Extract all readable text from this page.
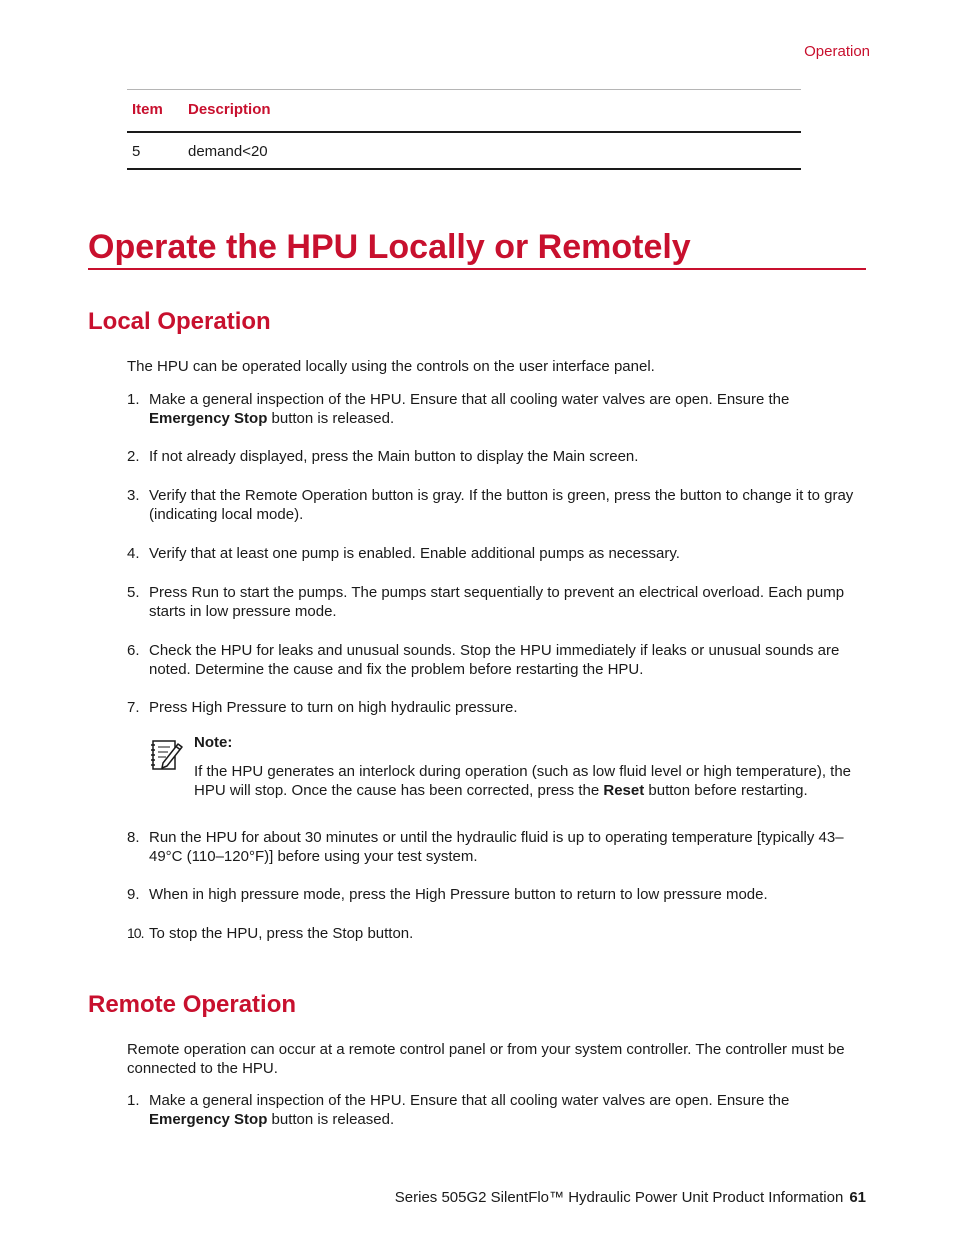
Operation
Item Description
5	demand<20
Operate the HPU Locally or Remotely
Local Operation

The HPU can be operated locally using the controls on the user interface panel.

1. Make a general inspection of the HPU. Ensure that all cooling water valves are open. Ensure the Emergency Stop button is released.
2. If not already displayed, press the Main button to display the Main screen.
3. Verify that the Remote Operation button is gray. If the button is green, press the button to change it to gray (indicating local mode).
4. Verify that at least one pump is enabled. Enable additional pumps as necessary.
5. Press Run to start the pumps. The pumps start sequentially to prevent an electrical overload. Each pump starts in low pressure mode.
6. Check the HPU for leaks and unusual sounds. Stop the HPU immediately if leaks or unusual sounds are noted. Determine the cause and fix the problem before restarting the HPU.
7. Press High Pressure to turn on high hydraulic pressure.
Note:
If the HPU generates an interlock during operation (such as low fluid level or high temperature), the HPU will stop. Once the cause has been corrected, press the Reset button before restarting.
8. Run the HPU for about 30 minutes or until the hydraulic fluid is up to operating temperature [typically 43–49°C (110–120°F)] before using your test system.
9. When in high pressure mode, press the High Pressure button to return to low pressure mode.
10. To stop the HPU, press the Stop button.
Remote Operation

Remote operation can occur at a remote control panel or from your system controller. The controller must be connected to the HPU.

1. Make a general inspection of the HPU. Ensure that all cooling water valves are open. Ensure the Emergency Stop button is released.
Series 505G2 SilentFlo™ Hydraulic Power Unit Product Information 61
